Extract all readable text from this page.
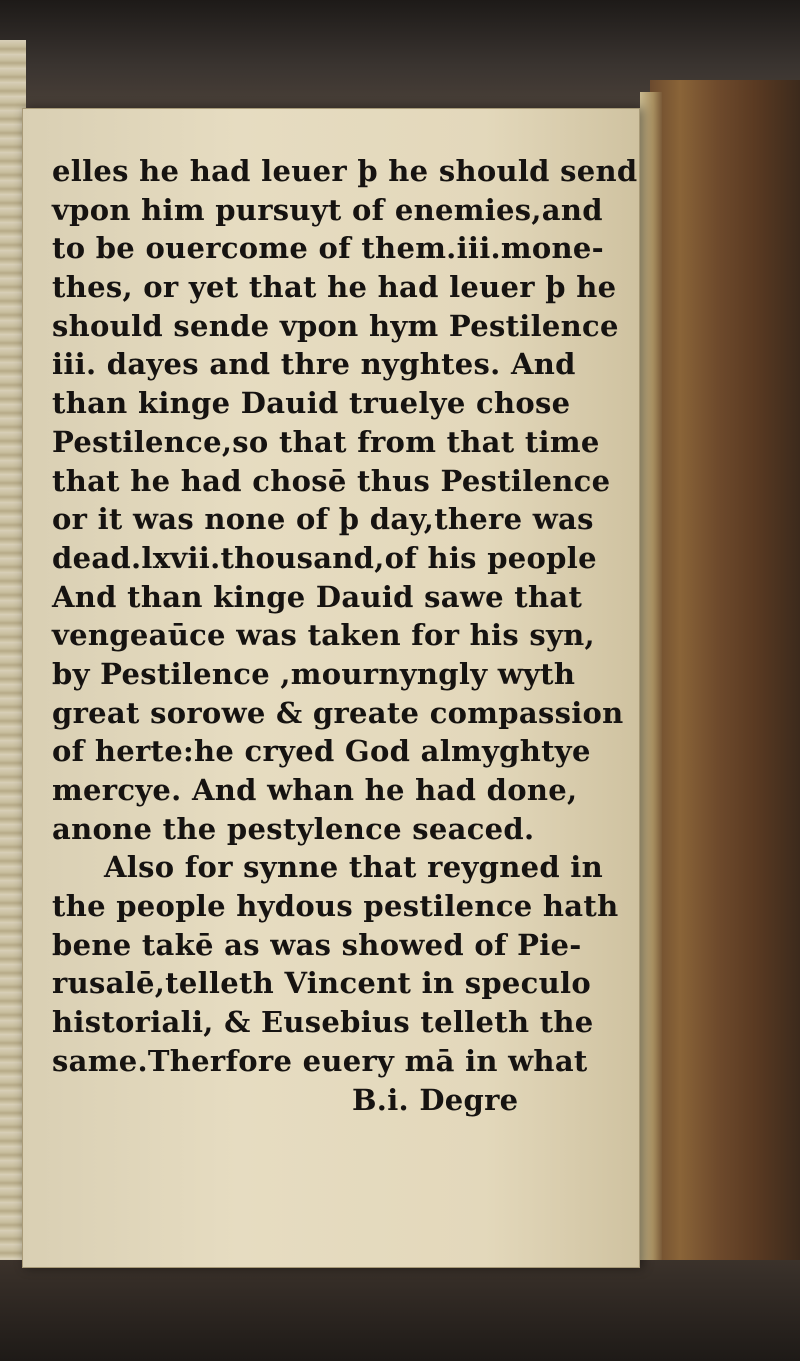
elles he had leuer þ he should send
vpon him pursuyt of enemies,and
to be ouercome of them.iii.mone-
thes, or yet that he had leuer þ he
should sende vpon hym Pestilence
iii. dayes and thre nyghtes. And
than kinge Dauid truelye chose
Pestilence,so that from that time
that he had chosē thus Pestilence
or it was none of þ day,there was
dead.lxvii.thousand,of his people
And than kinge Dauid sawe that
vengeaūce was taken for his syn,
by Pestilence ,mournyngly wyth
great sorowe & greate compassion
of herte:he cryed God almyghtye
mercye. And whan he had done,
anone the pestylence seaced.
Also for synne that reygned in
the people hydous pestilence hath
bene takē as was showed of Pie-
rusalē,telleth Vincent in speculo
historiali, & Eusebius telleth the
same.Therfore euery mā in what
B.i. Degre
